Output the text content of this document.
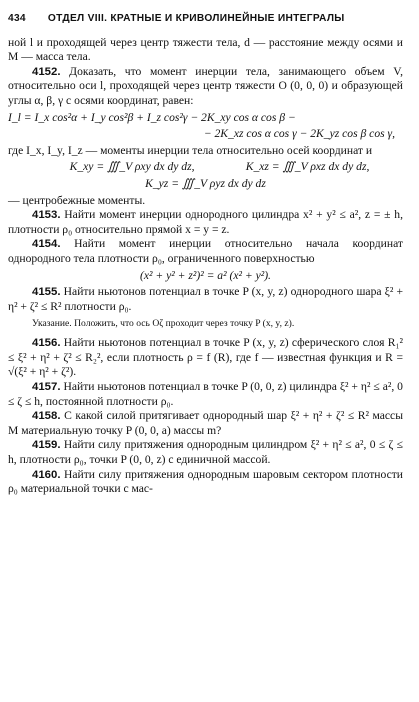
434 ОТДЕЛ VIII. КРАТНЫЕ И КРИВОЛИНЕЙНЫЕ ИНТЕГРАЛЫ
ной l и проходящей через центр тяжести тела, d — расстояние между осями и M — масса тела.
4152. Доказать, что момент инерции тела, занимающего объем V, относительно оси l, проходящей через центр тяжести O (0, 0, 0) и образующей углы α, β, γ с осями координат, равен:
I_l = I_x cos²α + I_y cos²β + I_z cos²γ − 2K_xy cos α cos β −
− 2K_xz cos α cos γ − 2K_yz cos β cos γ,
где I_x, I_y, I_z — моменты инерции тела относительно осей координат и
K_xy = ∭_V ρxy dx dy dz,	K_xz = ∭_V ρxz dx dy dz,
K_yz = ∭_V ρyz dx dy dz
— центробежные моменты.
4153. Найти момент инерции однородного цилиндра x² + y² ≤ a², z = ± h, плотности ρ₀ относительно прямой x = y = z.
4154. Найти момент инерции относительно начала координат однородного тела плотности ρ₀, ограниченного поверхностью
(x² + y² + z²)² = a² (x² + y²).
4155. Найти ньютонов потенциал в точке P (x, y, z) однородного шара ξ² + η² + ζ² ≤ R² плотности ρ₀.
Указание. Положить, что ось Oζ проходит через точку P (x, y, z).
4156. Найти ньютонов потенциал в точке P (x, y, z) сферического слоя R₁² ≤ ξ² + η² + ζ² ≤ R₂², если плотность ρ = f (R), где f — известная функция и R = √(ξ² + η² + ζ²).
4157. Найти ньютонов потенциал в точке P (0, 0, z) цилиндра ξ² + η² ≤ a², 0 ≤ ζ ≤ h, постоянной плотности ρ₀.
4158. С какой силой притягивает однородный шар ξ² + η² + ζ² ≤ R² массы M материальную точку P (0, 0, a) массы m?
4159. Найти силу притяжения однородным цилиндром ξ² + η² ≤ a², 0 ≤ ζ ≤ h, плотности ρ₀, точки P (0, 0, z) с единичной массой.
4160. Найти силу притяжения однородным шаровым сектором плотности ρ₀ материальной точки с мас-
